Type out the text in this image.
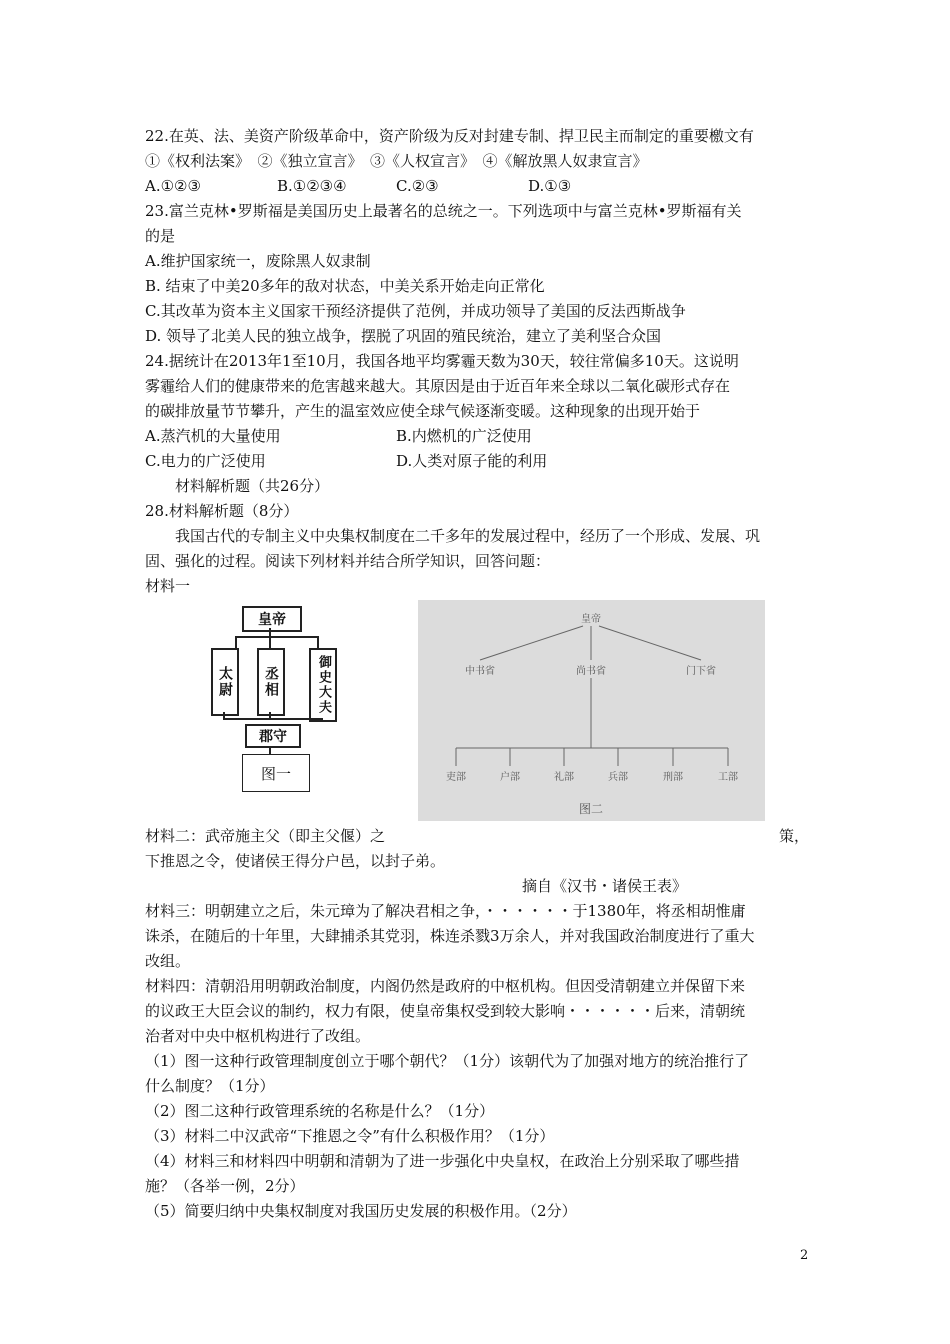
22.在英、法、美资产阶级革命中，资产阶级为反对封建专制、捍卫民主而制定的重要檄文有
①《权利法案》　②《独立宣言》　③《人权宣言》　④《解放黑人奴隶宣言》
A.①②③	B.①②③④	C.②③	D.①③
23.富兰克林•罗斯福是美国历史上最著名的总统之一。下列选项中与富兰克林•罗斯福有关
的是
A.维护国家统一，废除黑人奴隶制
B. 结束了中美20多年的敌对状态，中美关系开始走向正常化
C.其改革为资本主义国家干预经济提供了范例，并成功领导了美国的反法西斯战争
D. 领导了北美人民的独立战争，摆脱了巩固的殖民统治，建立了美利坚合众国
24.据统计在2013年1至10月，我国各地平均雾霾天数为30天，较往常偏多10天。这说明
雾霾给人们的健康带来的危害越来越大。其原因是由于近百年来全球以二氧化碳形式存在
的碳排放量节节攀升，产生的温室效应使全球气候逐渐变暖。这种现象的出现开始于
A.蒸汽机的大量使用	B.内燃机的广泛使用
C.电力的广泛使用	D.人类对原子能的利用
材料解析题（共26分）
28.材料解析题（8分）
我国古代的专制主义中央集权制度在二千多年的发展过程中，经历了一个形成、发展、巩
固、强化的过程。阅读下列材料并结合所学知识，回答问题：
材料一
皇帝
太尉	丞相	御史大夫
郡守
图一
皇帝
中书省	尚书省	门下省
吏部	户部	礼部	兵部	刑部	工部
图二
材料二：武帝施主父（即主父偃）之	策，
下推恩之令，使诸侯王得分户邑，以封子弟。
摘自《汉书・诸侯王表》
材料三：明朝建立之后，朱元璋为了解决君相之争，・・・・・・于1380年，将丞相胡惟庸
诛杀，在随后的十年里，大肆捕杀其党羽，株连杀戮3万余人，并对我国政治制度进行了重大
改组。
材料四：清朝沿用明朝政治制度，内阁仍然是政府的中枢机构。但因受清朝建立并保留下来
的议政王大臣会议的制约，权力有限，使皇帝集权受到较大影响・・・・・・后来，清朝统
治者对中央中枢机构进行了改组。
（1）图一这种行政管理制度创立于哪个朝代？（1分）该朝代为了加强对地方的统治推行了
什么制度？（1分）
（2）图二这种行政管理系统的名称是什么？（1分）
（3）材料二中汉武帝“下推恩之令”有什么积极作用？（1分）
（4）材料三和材料四中明朝和清朝为了进一步强化中央皇权，在政治上分别采取了哪些措
施？（各举一例，2分）
（5）简要归纳中央集权制度对我国历史发展的积极作用。（2分）
2
